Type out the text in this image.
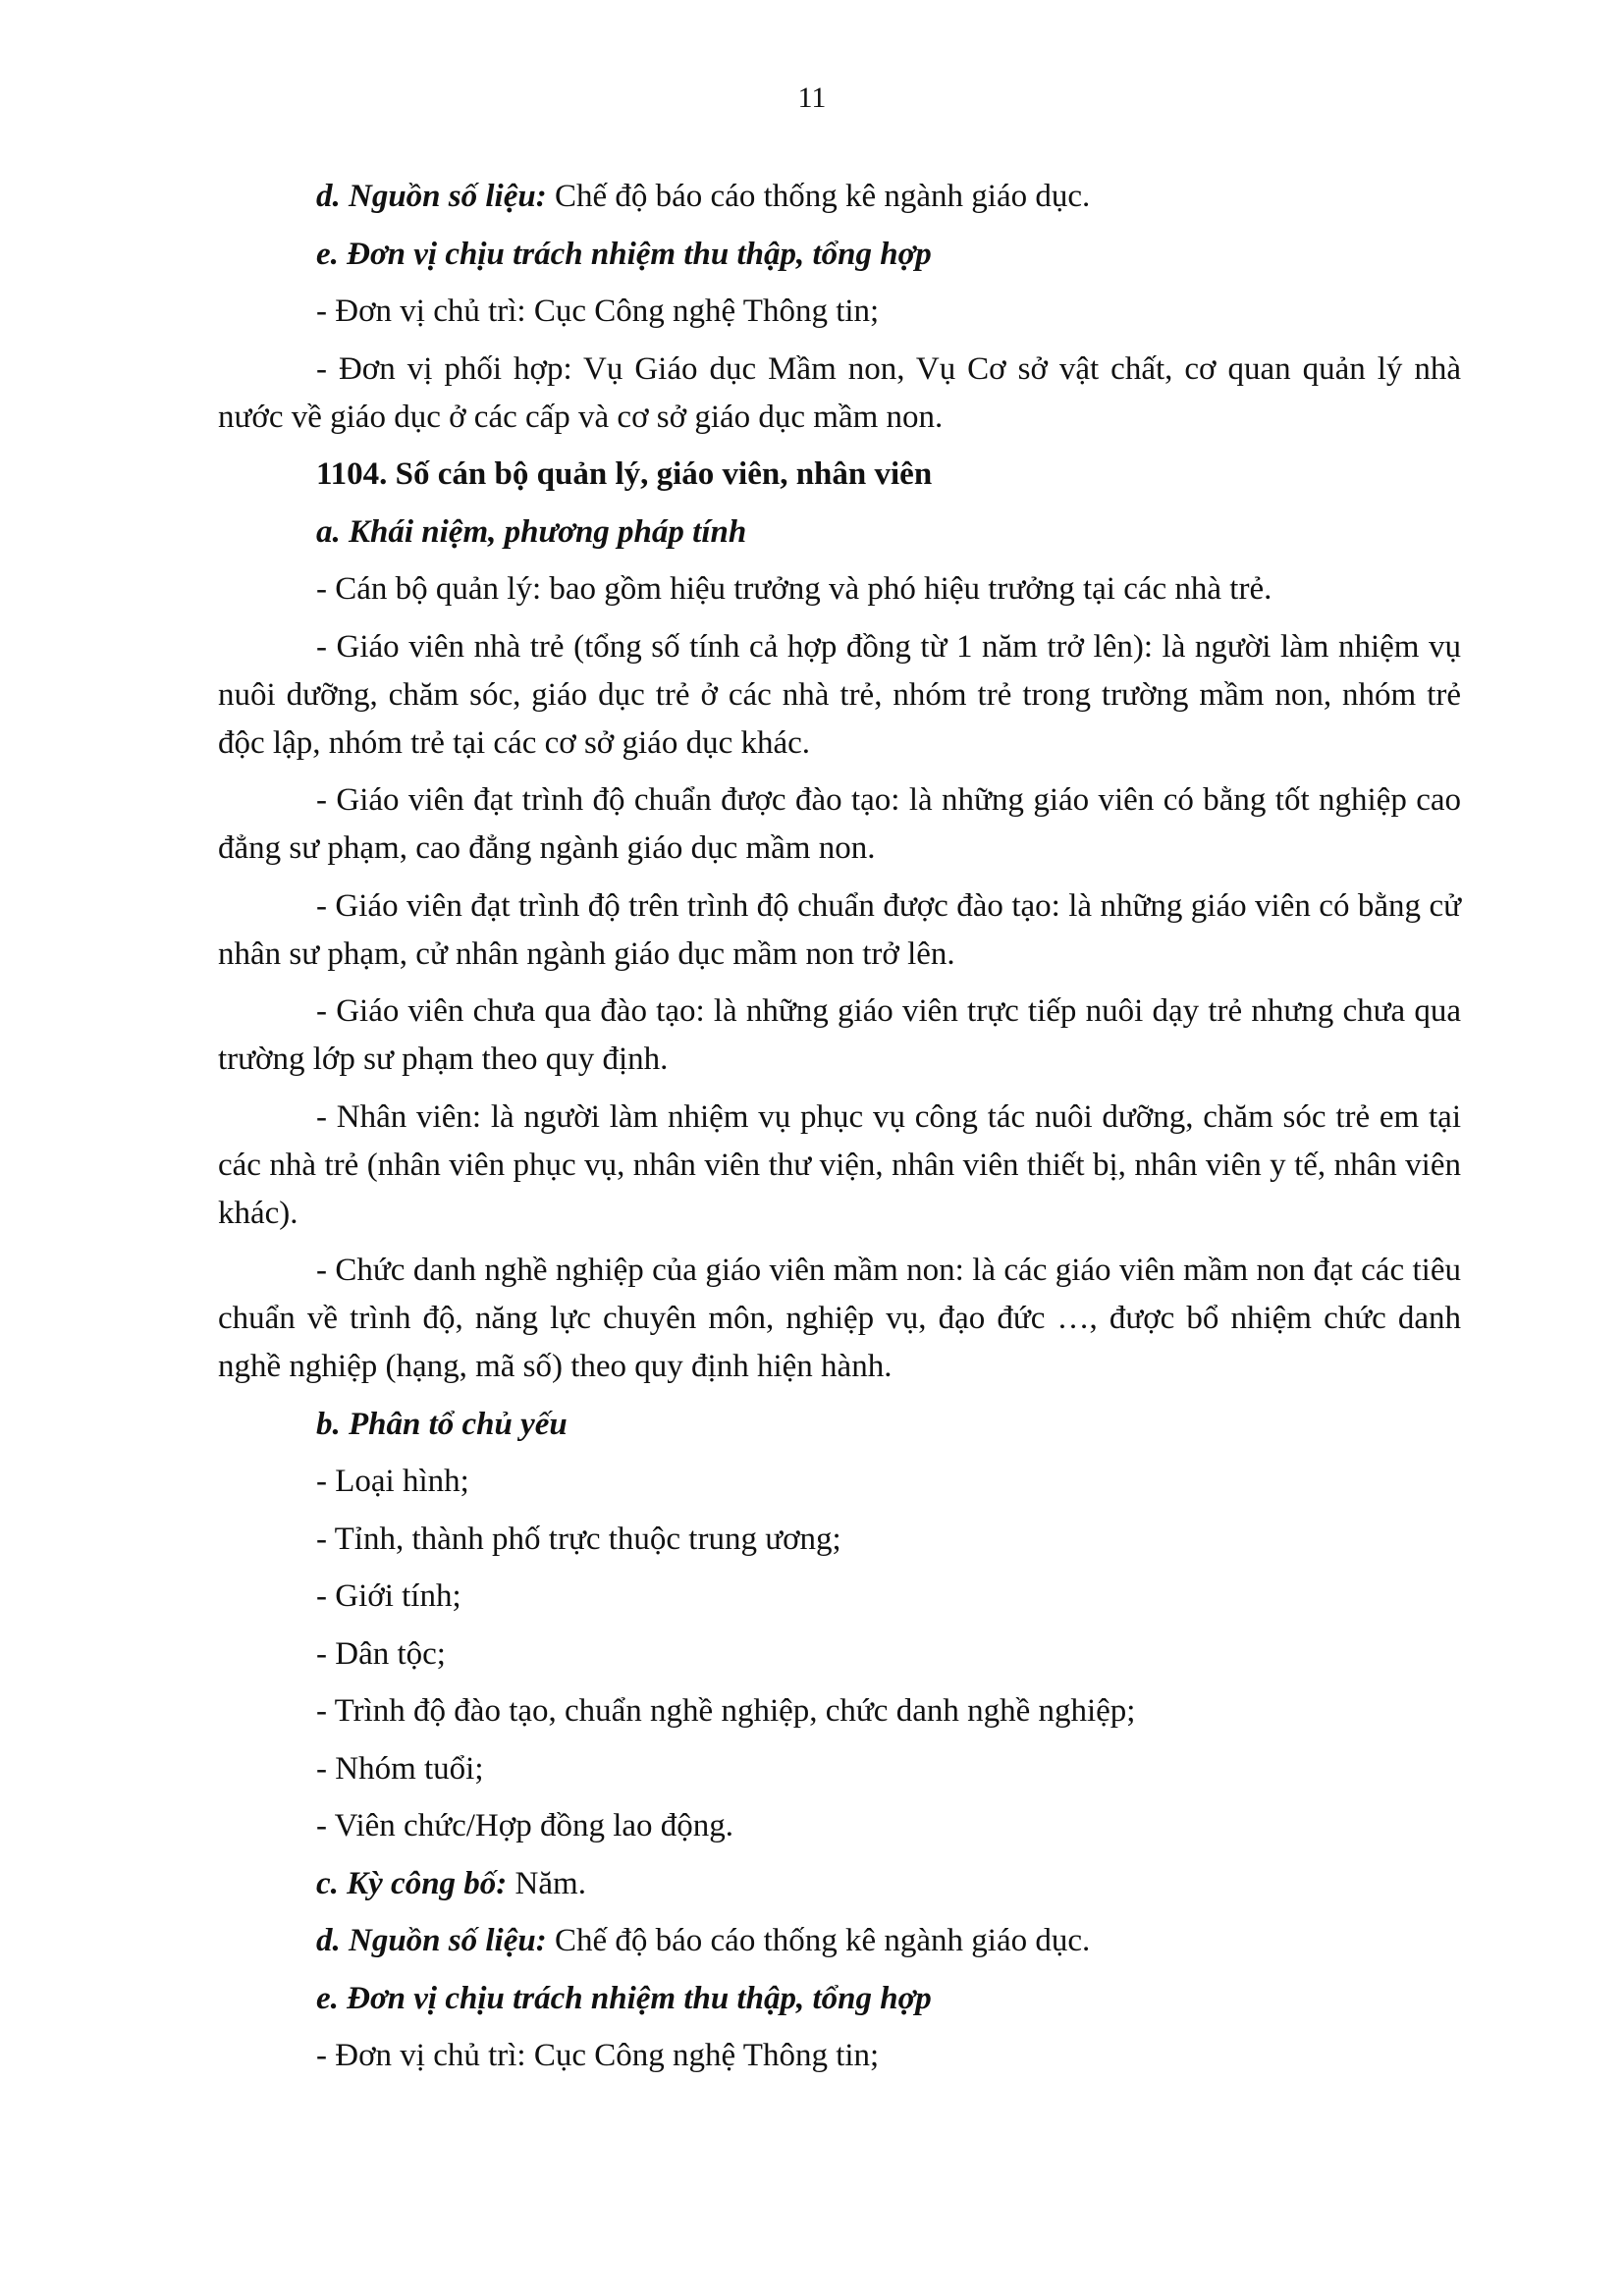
11

d. Nguồn số liệu: Chế độ báo cáo thống kê ngành giáo dục.

e. Đơn vị chịu trách nhiệm thu thập, tổng hợp

- Đơn vị chủ trì: Cục Công nghệ Thông tin;

- Đơn vị phối hợp: Vụ Giáo dục Mầm non, Vụ Cơ sở vật chất, cơ quan quản lý nhà nước về giáo dục ở các cấp và cơ sở giáo dục mầm non.

1104. Số cán bộ quản lý, giáo viên, nhân viên

a. Khái niệm, phương pháp tính

- Cán bộ quản lý: bao gồm hiệu trưởng và phó hiệu trưởng tại các nhà trẻ.

- Giáo viên nhà trẻ (tổng số tính cả hợp đồng từ 1 năm trở lên): là người làm nhiệm vụ nuôi dưỡng, chăm sóc, giáo dục trẻ ở các nhà trẻ, nhóm trẻ trong trường mầm non, nhóm trẻ độc lập, nhóm trẻ tại các cơ sở giáo dục khác.

- Giáo viên đạt trình độ chuẩn được đào tạo: là những giáo viên có bằng tốt nghiệp cao đẳng sư phạm, cao đẳng ngành giáo dục mầm non.

- Giáo viên đạt trình độ trên trình độ chuẩn được đào tạo: là những giáo viên có bằng cử nhân sư phạm, cử nhân ngành giáo dục mầm non trở lên.

- Giáo viên chưa qua đào tạo: là những giáo viên trực tiếp nuôi dạy trẻ nhưng chưa qua trường lớp sư phạm theo quy định.

- Nhân viên: là người làm nhiệm vụ phục vụ công tác nuôi dưỡng, chăm sóc trẻ em tại các nhà trẻ (nhân viên phục vụ, nhân viên thư viện, nhân viên thiết bị, nhân viên y tế, nhân viên khác).

- Chức danh nghề nghiệp của giáo viên mầm non: là các giáo viên mầm non đạt các tiêu chuẩn về trình độ, năng lực chuyên môn, nghiệp vụ, đạo đức …, được bổ nhiệm chức danh nghề nghiệp (hạng, mã số) theo quy định hiện hành.

b. Phân tổ chủ yếu

- Loại hình;

- Tỉnh, thành phố trực thuộc trung ương;

- Giới tính;

- Dân tộc;

- Trình độ đào tạo, chuẩn nghề nghiệp, chức danh nghề nghiệp;

- Nhóm tuổi;

- Viên chức/Hợp đồng lao động.

c. Kỳ công bố: Năm.

d. Nguồn số liệu: Chế độ báo cáo thống kê ngành giáo dục.

e. Đơn vị chịu trách nhiệm thu thập, tổng hợp

- Đơn vị chủ trì: Cục Công nghệ Thông tin;
